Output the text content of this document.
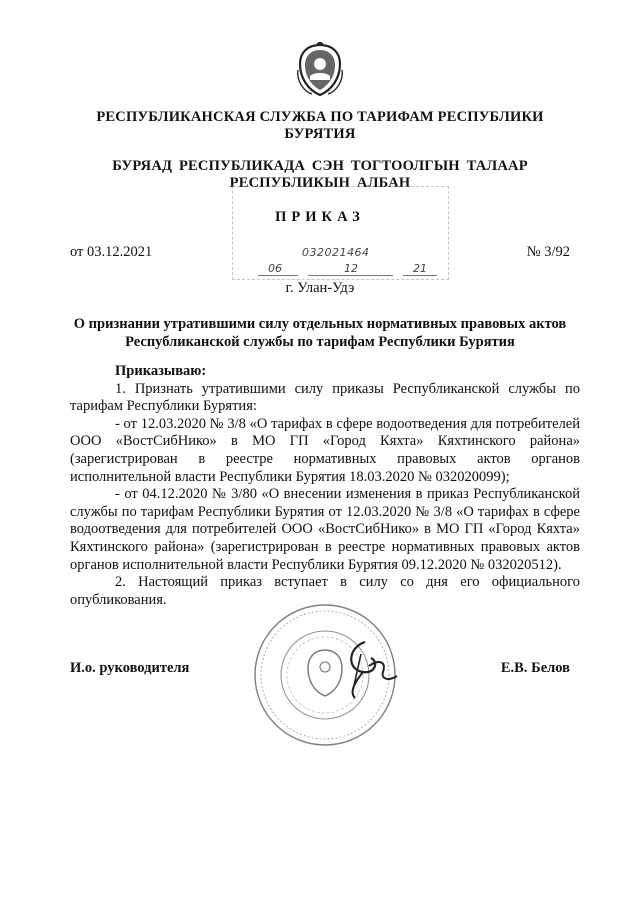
РЕСПУБЛИКАНСКАЯ СЛУЖБА ПО ТАРИФАМ РЕСПУБЛИКИ БУРЯТИЯ
БУРЯАД РЕСПУБЛИКАДА СЭН ТОГТООЛГЫН ТАЛААР РЕСПУБЛИКЫН АЛБАН
ПРИКАЗ
от 03.12.2021	№ 3/92
032021464
06	12	21
г. Улан-Удэ
О признании утратившими силу отдельных нормативных правовых актов Республиканской службы по тарифам Республики Бурятия

Приказываю:

1. Признать утратившими силу приказы Республиканской службы по тарифам Республики Бурятия:

- от 12.03.2020 № 3/8 «О тарифах в сфере водоотведения для потребителей ООО «ВостСибНико» в МО ГП «Город Кяхта» Кяхтинского района» (зарегистрирован в реестре нормативных правовых актов органов исполнительной власти Республики Бурятия 18.03.2020 № 032020099);

- от 04.12.2020 № 3/80 «О внесении изменения в приказ Республиканской службы по тарифам Республики Бурятия от 12.03.2020 № 3/8 «О тарифах в сфере водоотведения для потребителей ООО «ВостСибНико» в МО ГП «Город Кяхта» Кяхтинского района» (зарегистрирован в реестре нормативных правовых актов органов исполнительной власти Республики Бурятия 09.12.2020 № 032020512).

2. Настоящий приказ вступает в силу со дня его официального опубликования.

И.о. руководителя	Е.В. Белов
